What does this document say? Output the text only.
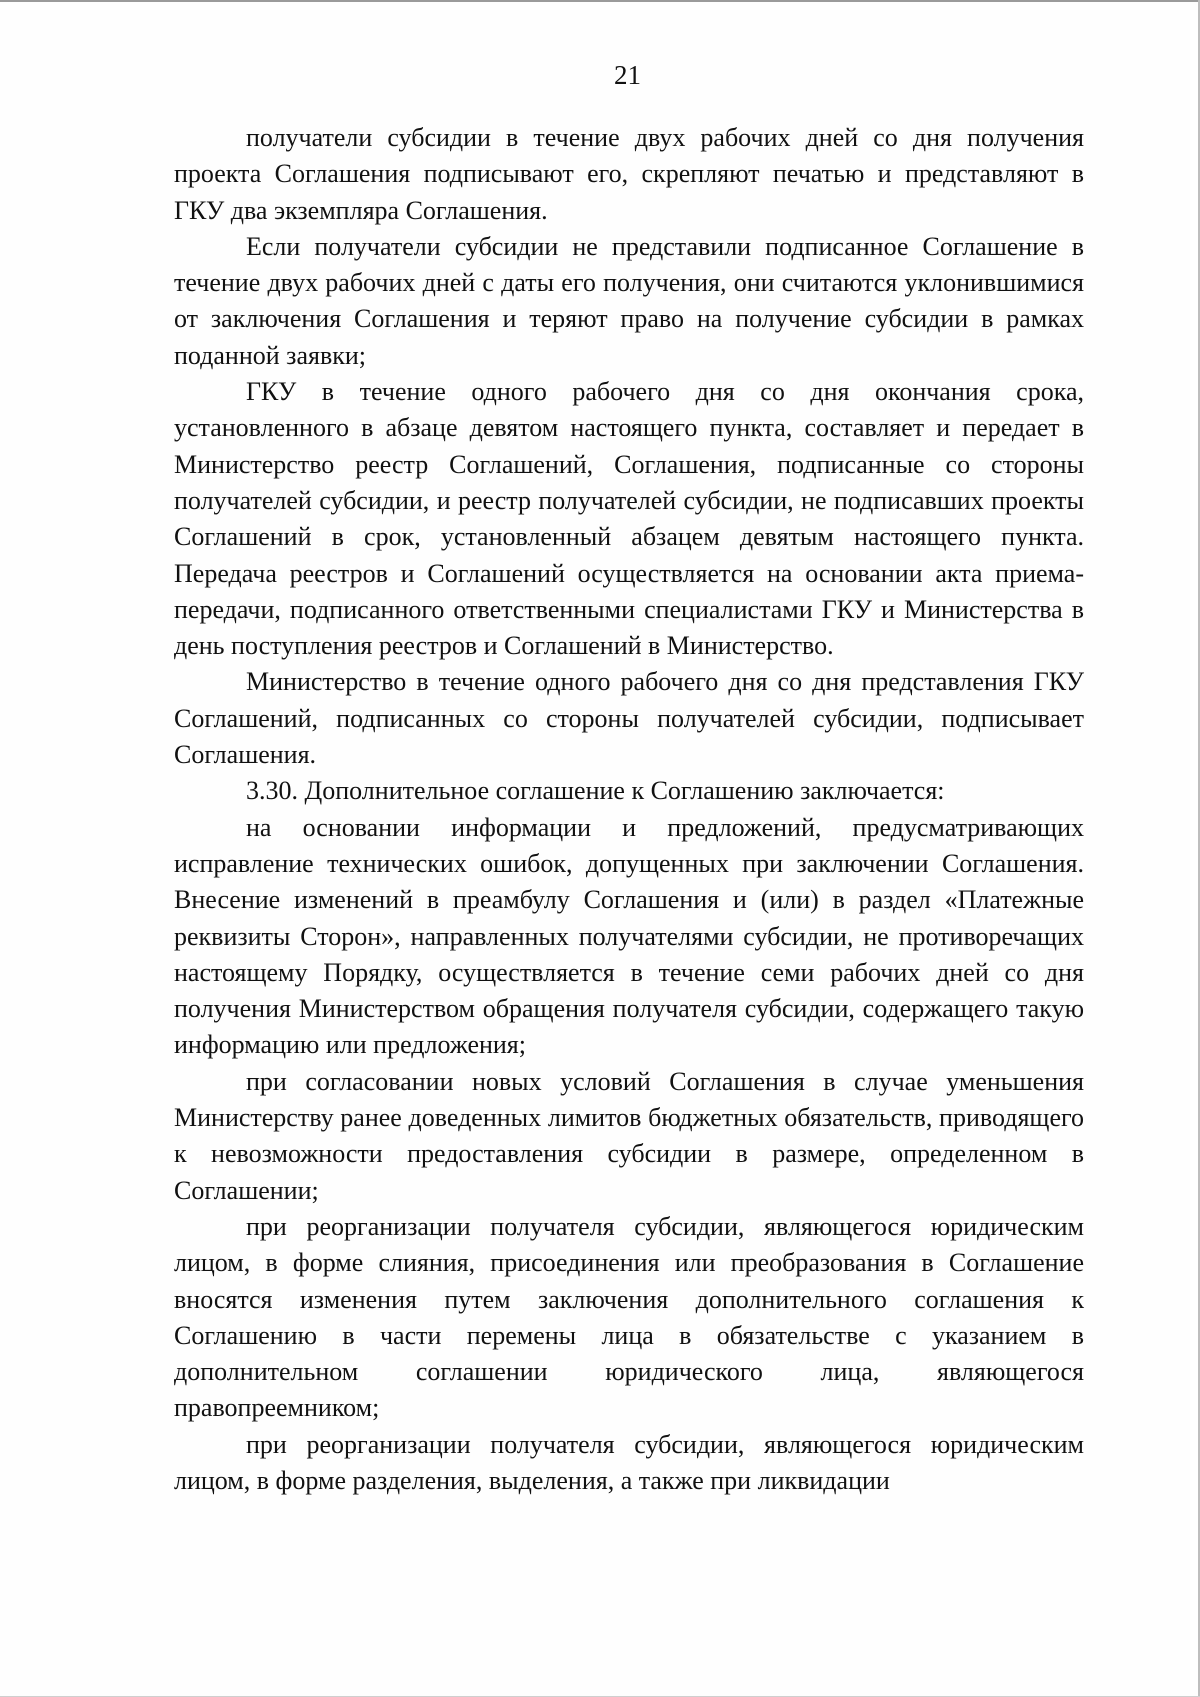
21

получатели субсидии в течение двух рабочих дней со дня получения проекта Соглашения подписывают его, скрепляют печатью и представляют в ГКУ два экземпляра Соглашения.

Если получатели субсидии не представили подписанное Соглашение в течение двух рабочих дней с даты его получения, они считаются уклонившимися от заключения Соглашения и теряют право на получение субсидии в рамках поданной заявки;

ГКУ в течение одного рабочего дня со дня окончания срока, установленного в абзаце девятом настоящего пункта, составляет и передает в Министерство реестр Соглашений, Соглашения, подписанные со стороны получателей субсидии, и реестр получателей субсидии, не подписавших проекты Соглашений в срок, установленный абзацем девятым настоящего пункта. Передача реестров и Соглашений осуществляется на основании акта приема-передачи, подписанного ответственными специалистами ГКУ и Министерства в день поступления реестров и Соглашений в Министерство.

Министерство в течение одного рабочего дня со дня представления ГКУ Соглашений, подписанных со стороны получателей субсидии, подписывает Соглашения.

3.30. Дополнительное соглашение к Соглашению заключается:

на основании информации и предложений, предусматривающих исправление технических ошибок, допущенных при заключении Соглашения. Внесение изменений в преамбулу Соглашения и (или) в раздел «Платежные реквизиты Сторон», направленных получателями субсидии, не противоречащих настоящему Порядку, осуществляется в течение семи рабочих дней со дня получения Министерством обращения получателя субсидии, содержащего такую информацию или предложения;

при согласовании новых условий Соглашения в случае уменьшения Министерству ранее доведенных лимитов бюджетных обязательств, приводящего к невозможности предоставления субсидии в размере, определенном в Соглашении;

при реорганизации получателя субсидии, являющегося юридическим лицом, в форме слияния, присоединения или преобразования в Соглашение вносятся изменения путем заключения дополнительного соглашения к Соглашению в части перемены лица в обязательстве с указанием в дополнительном соглашении юридического лица, являющегося правопреемником;

при реорганизации получателя субсидии, являющегося юридическим лицом, в форме разделения, выделения, а также при ликвидации
